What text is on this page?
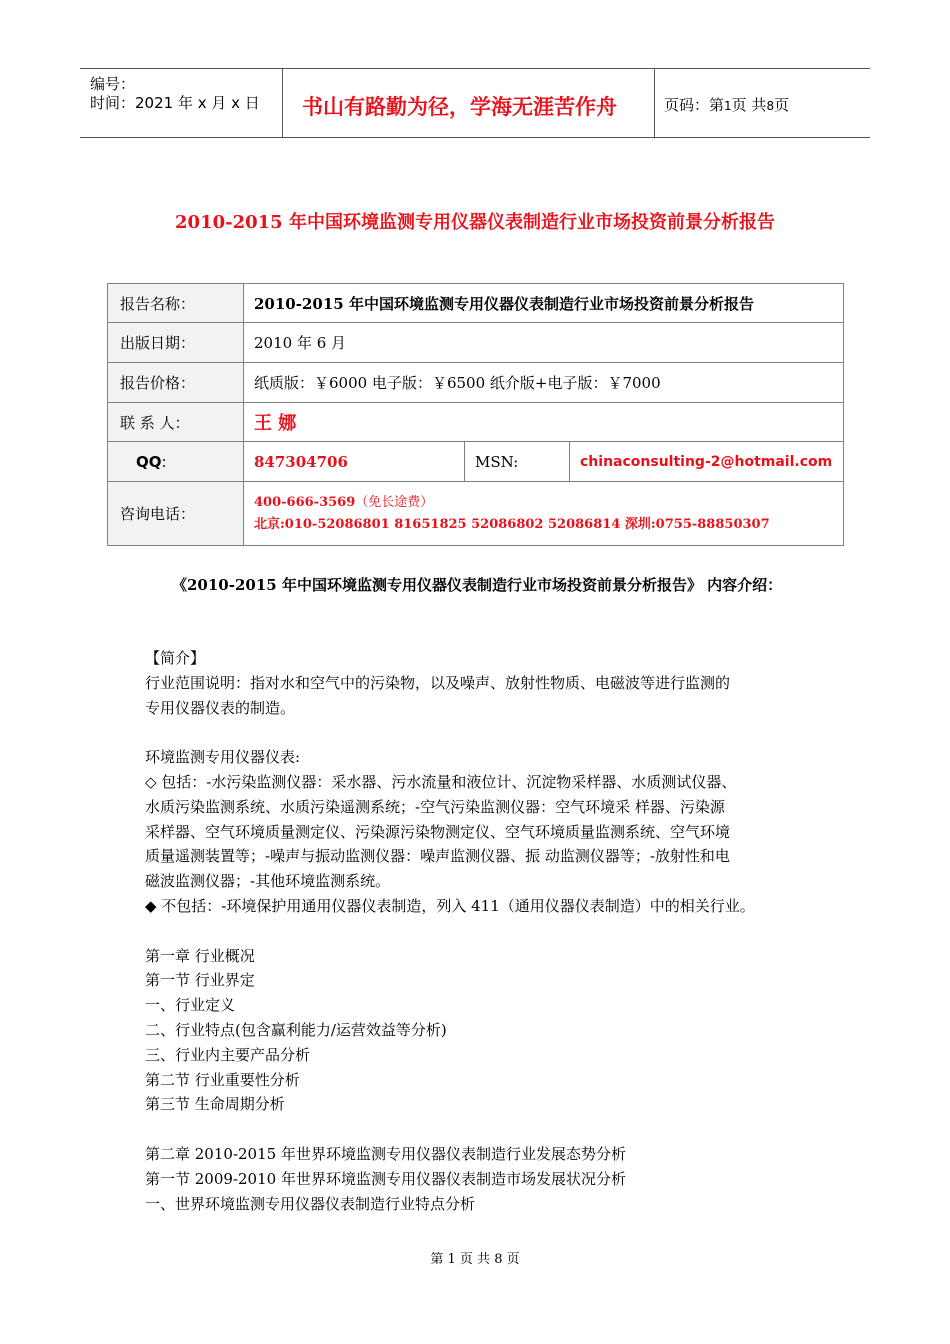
编号：
时间：2021 年 x 月 x 日 书山有路勤为径，学海无涯苦作舟	页码：第1页 共8页
2010-2015 年中国环境监测专用仪器仪表制造行业市场投资前景分析报告
报告名称：	2010-2015 年中国环境监测专用仪器仪表制造行业市场投资前景分析报告		
出版日期：	2010 年 6 月		
报告价格：	纸质版：￥6000 电子版：￥6500 纸介版+电子版：￥7000		
联 系 人：	王 娜		
QQ:	847304706	MSN:	chinaconsulting-2@hotmail.com
咨询电话：	400-666-3569（免长途费）
北京:010-52086801 81651825 52086802 52086814 深圳:0755-88850307		
《2010-2015 年中国环境监测专用仪器仪表制造行业市场投资前景分析报告》 内容介绍：

【简介】

行业范围说明：指对水和空气中的污染物，以及噪声、放射性物质、电磁波等进行监测的

专用仪器仪表的制造。

环境监测专用仪器仪表:

◇ 包括：-水污染监测仪器：采水器、污水流量和液位计、沉淀物采样器、水质测试仪器、

水质污染监测系统、水质污染遥测系统；-空气污染监测仪器：空气环境采 样器、污染源

采样器、空气环境质量测定仪、污染源污染物测定仪、空气环境质量监测系统、空气环境

质量遥测装置等；-噪声与振动监测仪器：噪声监测仪器、振 动监测仪器等；-放射性和电

磁波监测仪器；-其他环境监测系统。

◆ 不包括：-环境保护用通用仪器仪表制造，列入 411（通用仪器仪表制造）中的相关行业。

第一章 行业概况

第一节 行业界定

一、行业定义

二、行业特点(包含赢利能力/运营效益等分析)

三、行业内主要产品分析

第二节 行业重要性分析

第三节 生命周期分析

第二章 2010-2015 年世界环境监测专用仪器仪表制造行业发展态势分析

第一节 2009-2010 年世界环境监测专用仪器仪表制造市场发展状况分析

一、世界环境监测专用仪器仪表制造行业特点分析

第 1 页 共 8 页
